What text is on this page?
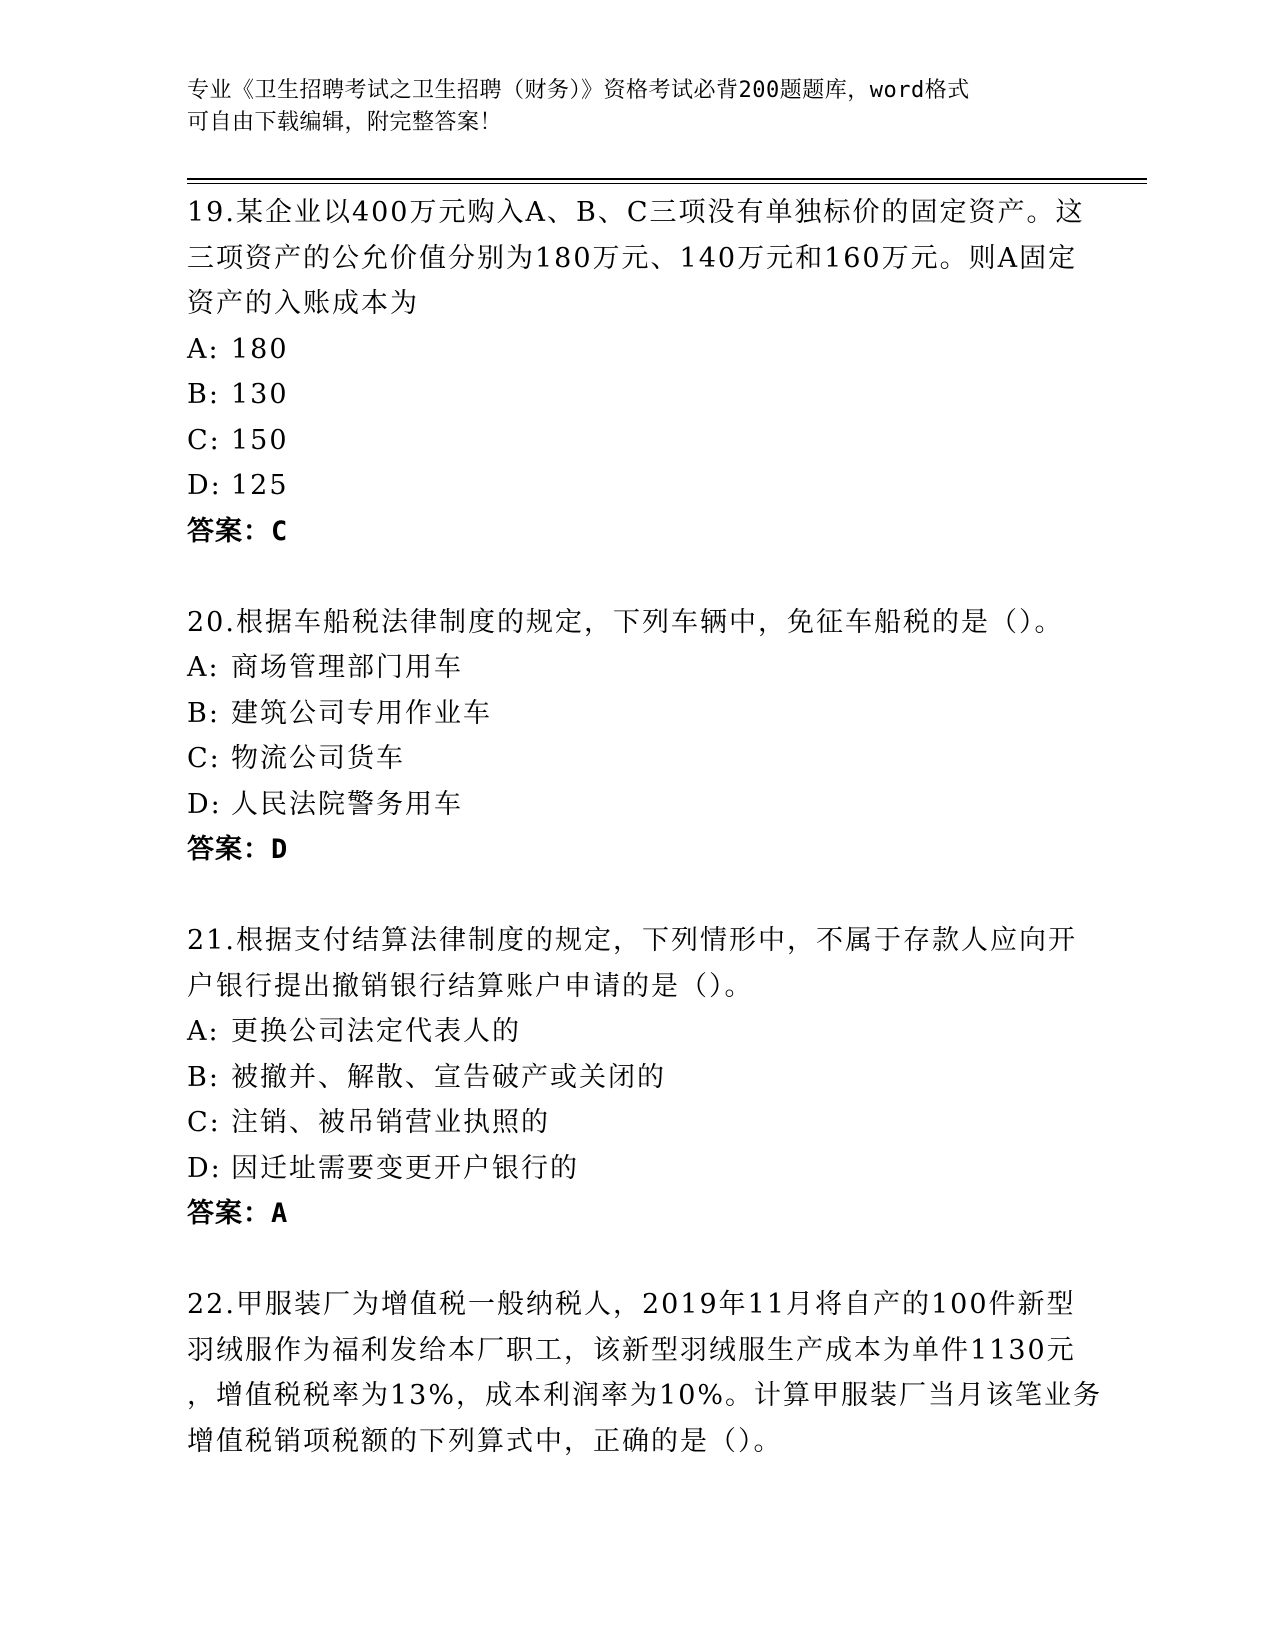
专业《卫生招聘考试之卫生招聘（财务）》资格考试必背200题题库，word格式
可自由下载编辑，附完整答案！
19.某企业以400万元购入A、B、C三项没有单独标价的固定资产。这
三项资产的公允价值分别为180万元、140万元和160万元。则A固定
资产的入账成本为
A: 180
B: 130
C: 150
D: 125
答案：C
20.根据车船税法律制度的规定，下列车辆中，免征车船税的是（）。
A: 商场管理部门用车
B: 建筑公司专用作业车
C: 物流公司货车
D: 人民法院警务用车
答案：D
21.根据支付结算法律制度的规定，下列情形中，不属于存款人应向开
户银行提出撤销银行结算账户申请的是（）。
A: 更换公司法定代表人的
B: 被撤并、解散、宣告破产或关闭的
C: 注销、被吊销营业执照的
D: 因迁址需要变更开户银行的
答案：A
22.甲服装厂为增值税一般纳税人，2019年11月将自产的100件新型
羽绒服作为福利发给本厂职工，该新型羽绒服生产成本为单件1130元
，增值税税率为13%，成本利润率为10%。计算甲服装厂当月该笔业务
增值税销项税额的下列算式中，正确的是（）。
